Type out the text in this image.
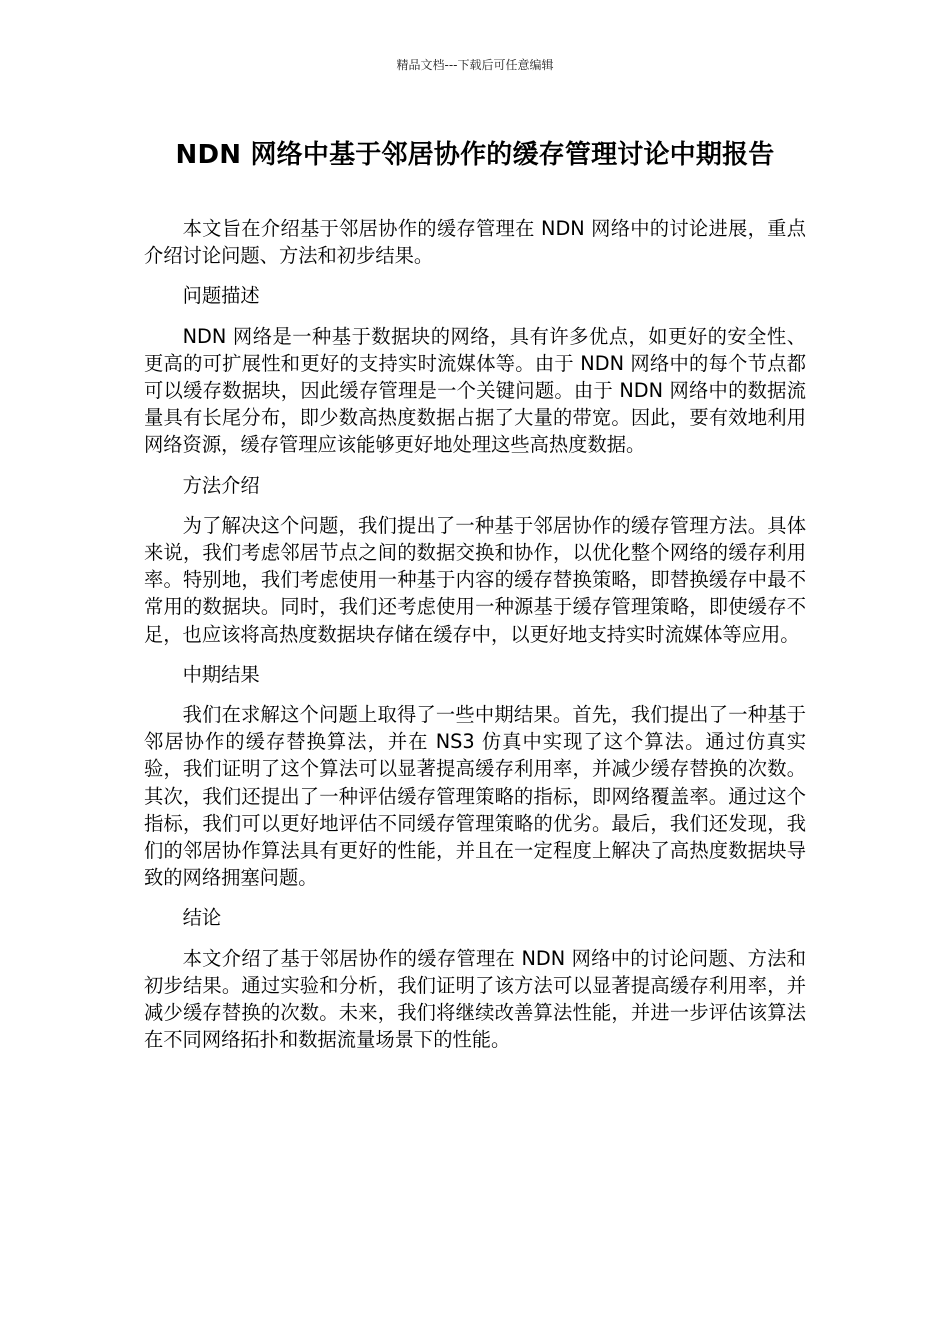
精品文档---下载后可任意编辑
NDN 网络中基于邻居协作的缓存管理讨论中期报告

本文旨在介绍基于邻居协作的缓存管理在 NDN 网络中的讨论进展，重点介绍讨论问题、方法和初步结果。

问题描述

NDN 网络是一种基于数据块的网络，具有许多优点，如更好的安全性、更高的可扩展性和更好的支持实时流媒体等。由于 NDN 网络中的每个节点都可以缓存数据块，因此缓存管理是一个关键问题。由于 NDN 网络中的数据流量具有长尾分布，即少数高热度数据占据了大量的带宽。因此，要有效地利用网络资源，缓存管理应该能够更好地处理这些高热度数据。

方法介绍

为了解决这个问题，我们提出了一种基于邻居协作的缓存管理方法。具体来说，我们考虑邻居节点之间的数据交换和协作，以优化整个网络的缓存利用率。特别地，我们考虑使用一种基于内容的缓存替换策略，即替换缓存中最不常用的数据块。同时，我们还考虑使用一种源基于缓存管理策略，即使缓存不足，也应该将高热度数据块存储在缓存中，以更好地支持实时流媒体等应用。

中期结果

我们在求解这个问题上取得了一些中期结果。首先，我们提出了一种基于邻居协作的缓存替换算法，并在 NS3 仿真中实现了这个算法。通过仿真实验，我们证明了这个算法可以显著提高缓存利用率，并减少缓存替换的次数。其次，我们还提出了一种评估缓存管理策略的指标，即网络覆盖率。通过这个指标，我们可以更好地评估不同缓存管理策略的优劣。最后，我们还发现，我们的邻居协作算法具有更好的性能，并且在一定程度上解决了高热度数据块导致的网络拥塞问题。

结论

本文介绍了基于邻居协作的缓存管理在 NDN 网络中的讨论问题、方法和初步结果。通过实验和分析，我们证明了该方法可以显著提高缓存利用率，并减少缓存替换的次数。未来，我们将继续改善算法性能，并进一步评估该算法在不同网络拓扑和数据流量场景下的性能。
